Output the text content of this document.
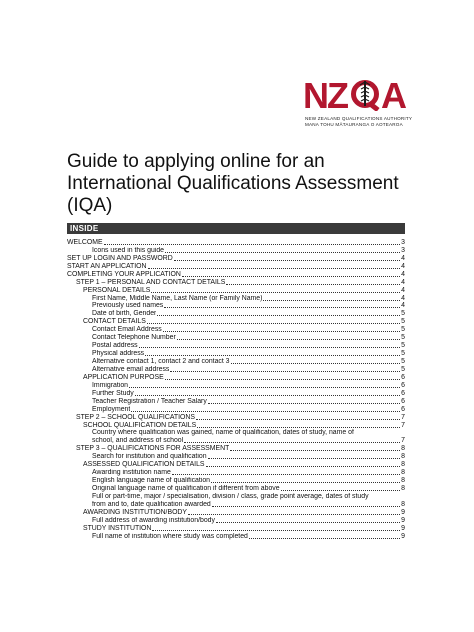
N
Z A
NEW ZEALAND QUALIFICATIONS AUTHORITY
MANA TOHU MĀTAURANGA O AOTEAROA
Guide to applying online for an International Qualifications Assessment (IQA)
INSIDE
WELCOME	3
Icons used in this guide	3
SET UP LOGIN AND PASSWORD	4
START AN APPLICATION	4
COMPLETING YOUR APPLICATION	4
STEP 1 – PERSONAL AND CONTACT DETAILS	4
PERSONAL DETAILS	4
First Name, Middle Name, Last Name (or Family Name)	4
Previously used names	4
Date of birth, Gender	5
CONTACT DETAILS	5
Contact Email Address	5
Contact Telephone Number	5
Postal address	5
Physical address	5
Alternative contact 1, contact 2 and contact 3	5
Alternative email address	5
APPLICATION PURPOSE	6
Immigration	6
Further Study	6
Teacher Registration / Teacher Salary	6
Employment	6
STEP 2 – SCHOOL QUALIFICATIONS	7
SCHOOL QUALIFICATION DETAILS	7
Country where qualification was gained, name of qualification, dates of study, name of
school, and address of school	7
STEP 3 – QUALIFICATIONS FOR ASSESSMENT	8
Search for institution and qualification	8
ASSESSED QUALIFICATION DETAILS	8
Awarding institution name	8
English language name of qualification	8
Original language name of qualification if different from above	8
Full or part-time, major / specialisation, division / class, grade point average, dates of study
from and to, date qualification awarded	8
AWARDING INSTITUTION/BODY	9
Full address of awarding institution/body	9
STUDY INSTITUTION	9
Full name of institution where study was completed	9
